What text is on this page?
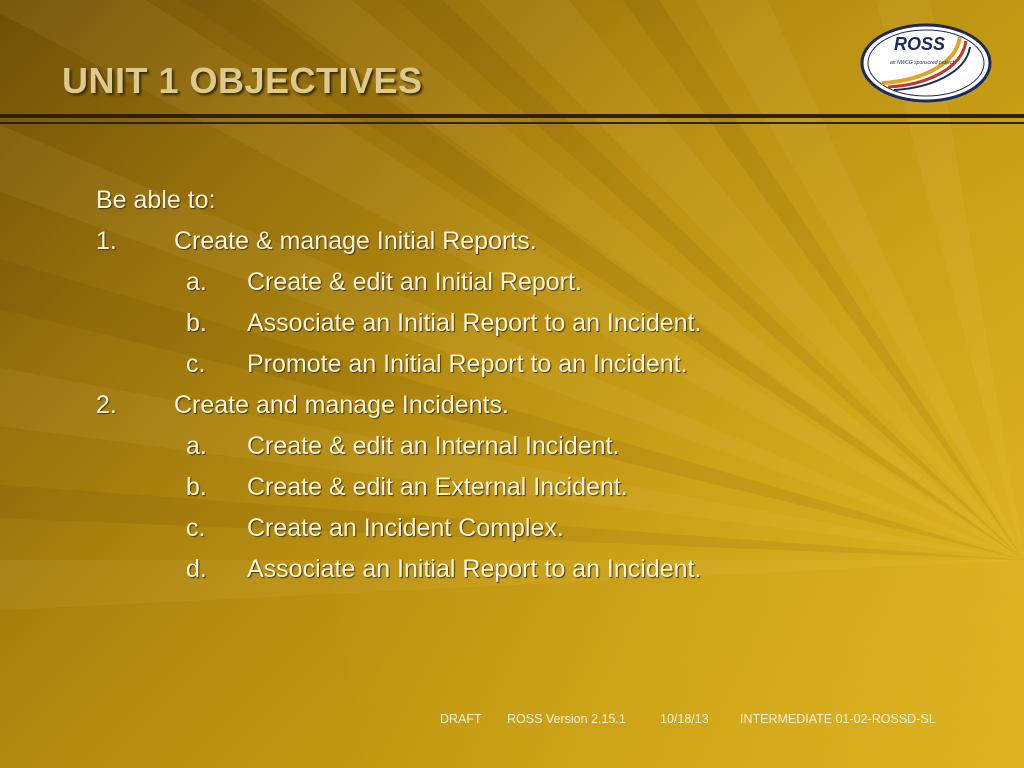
UNIT 1 OBJECTIVES
ROSS
an NWCG sponsored project
Be able to:
1. Create & manage Initial Reports.
a. Create & edit an Initial Report.
b. Associate an Initial Report to an Incident.
c. Promote an Initial Report to an Incident.
2. Create and manage Incidents.
a. Create & edit an Internal Incident.
b. Create & edit an External Incident.
c. Create an Incident Complex.
d. Associate an Initial Report to an Incident.
DRAFT ROSS Version 2.15.1	10/18/13	INTERMEDIATE 01-02-ROSSD-SL
